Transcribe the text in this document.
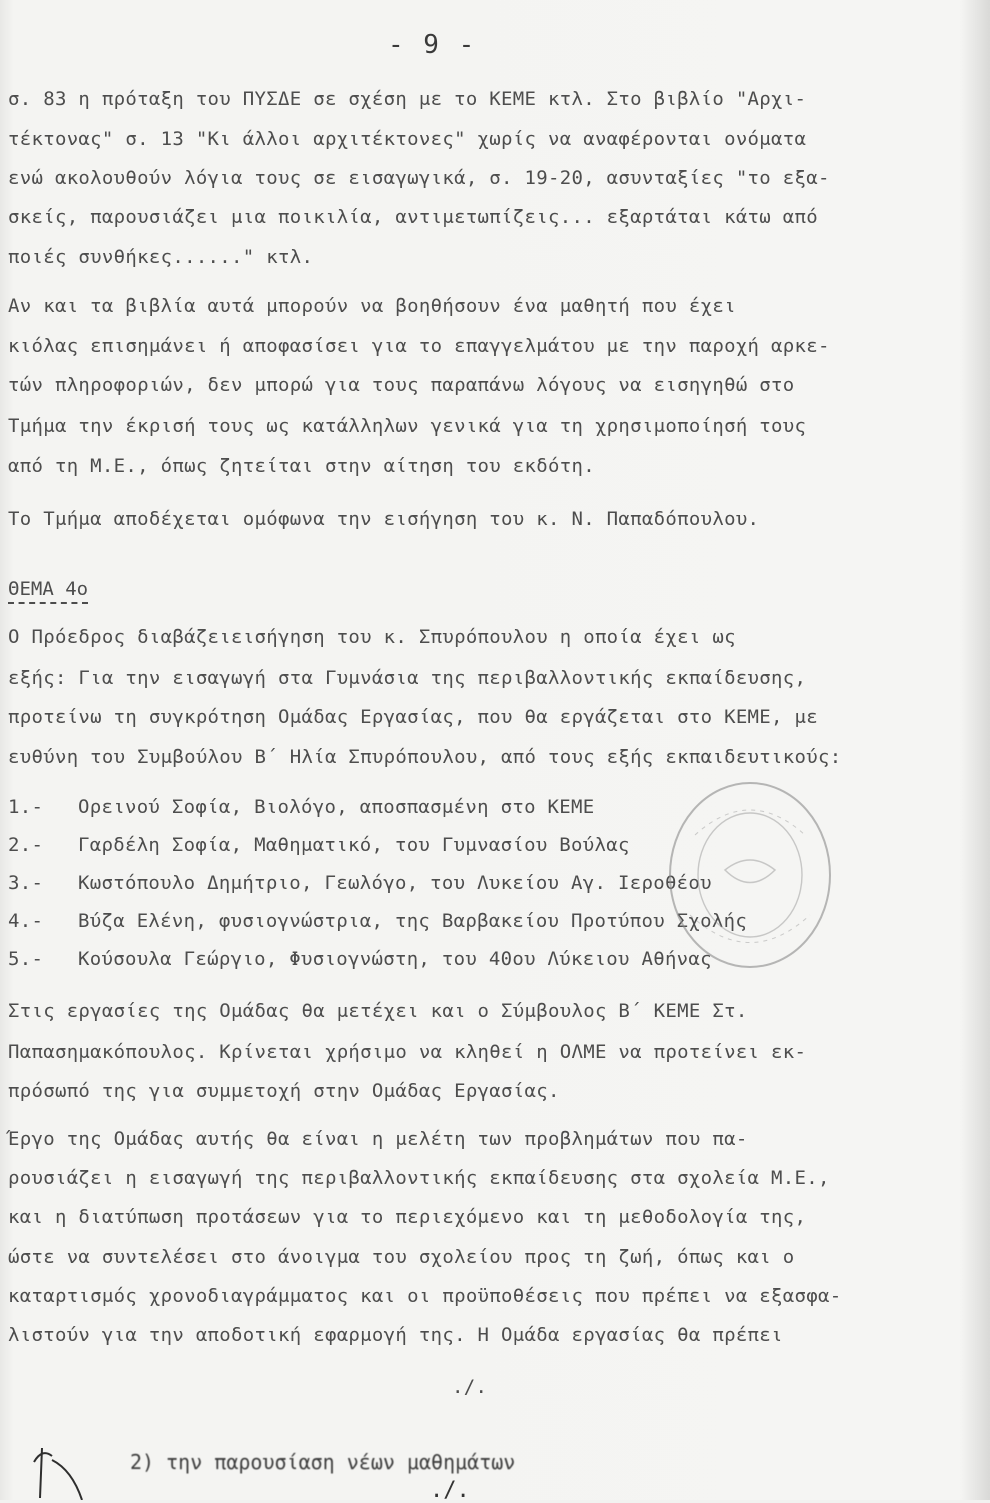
- 9 -
σ. 83 η πρόταξη του ΠΥΣΔΕ σε σχέση με το ΚΕΜΕ κτλ. Στο βιβλίο "Αρχι-
τέκτονας" σ. 13 "Κι άλλοι αρχιτέκτονες" χωρίς να αναφέρονται ονόματα
ενώ ακολουθούν λόγια τους σε εισαγωγικά, σ. 19-20, ασυνταξίες "το εξα-
σκείς, παρουσιάζει μια ποικιλία, αντιμετωπίζεις... εξαρτάται κάτω από
ποιές συνθήκες......" κτλ.
Αν και τα βιβλία αυτά μπορούν να βοηθήσουν ένα μαθητή που έχει
κιόλας επισημάνει ή αποφασίσει για το επαγγελμάτου με την παροχή αρκε-
τών πληροφοριών, δεν μπορώ για τους παραπάνω λόγους να εισηγηθώ στο
Τμήμα την έκρισή τους ως κατάλληλων γενικά για τη χρησιμοποίησή τους
από τη Μ.Ε., όπως ζητείται στην αίτηση του εκδότη.
Το Τμήμα αποδέχεται ομόφωνα την εισήγηση του κ. Ν. Παπαδόπουλου.
ΘΕΜΑ 4ο
Ο Πρόεδρος διαβάζειεισήγηση του κ. Σπυρόπουλου η οποία έχει ως
εξής: Για την εισαγωγή στα Γυμνάσια της περιβαλλοντικής εκπαίδευσης,
προτείνω τη συγκρότηση Ομάδας Εργασίας, που θα εργάζεται στο ΚΕΜΕ, με
ευθύνη του Συμβούλου Β΄ Ηλία Σπυρόπουλου, από τους εξής εκπαιδευτικούς:
1.- Ορεινού Σοφία, Βιολόγο, αποσπασμένη στο ΚΕΜΕ
2.- Γαρδέλη Σοφία, Μαθηματικό, του Γυμνασίου Βούλας
3.- Κωστόπουλο Δημήτριο, Γεωλόγο, του Λυκείου Αγ. Ιεροθέου
4.- Βύζα Ελένη, φυσιογνώστρια, της Βαρβακείου Προτύπου Σχολής
5.- Κούσουλα Γεώργιο, Φυσιογνώστη, του 40ου Λύκειου Αθήνας
Στις εργασίες της Ομάδας θα μετέχει και ο Σύμβουλος Β΄ ΚΕΜΕ Στ.
Παπασημακόπουλος. Κρίνεται χρήσιμο να κληθεί η ΟΛΜΕ να προτείνει εκ-
πρόσωπό της για συμμετοχή στην Ομάδας Εργασίας.
Έργο της Ομάδας αυτής θα είναι η μελέτη των προβλημάτων που πα-
ρουσιάζει η εισαγωγή της περιβαλλοντικής εκπαίδευσης στα σχολεία Μ.Ε.,
και η διατύπωση προτάσεων για το περιεχόμενο και τη μεθοδολογία της,
ώστε να συντελέσει στο άνοιγμα του σχολείου προς τη ζωή, όπως και ο
καταρτισμός χρονοδιαγράμματος και οι προϋποθέσεις που πρέπει να εξασφα-
λιστούν για την αποδοτική εφαρμογή της. Η Ομάδα εργασίας θα πρέπει
./.
2) την παρουσίαση νέων μαθημάτων
./.
